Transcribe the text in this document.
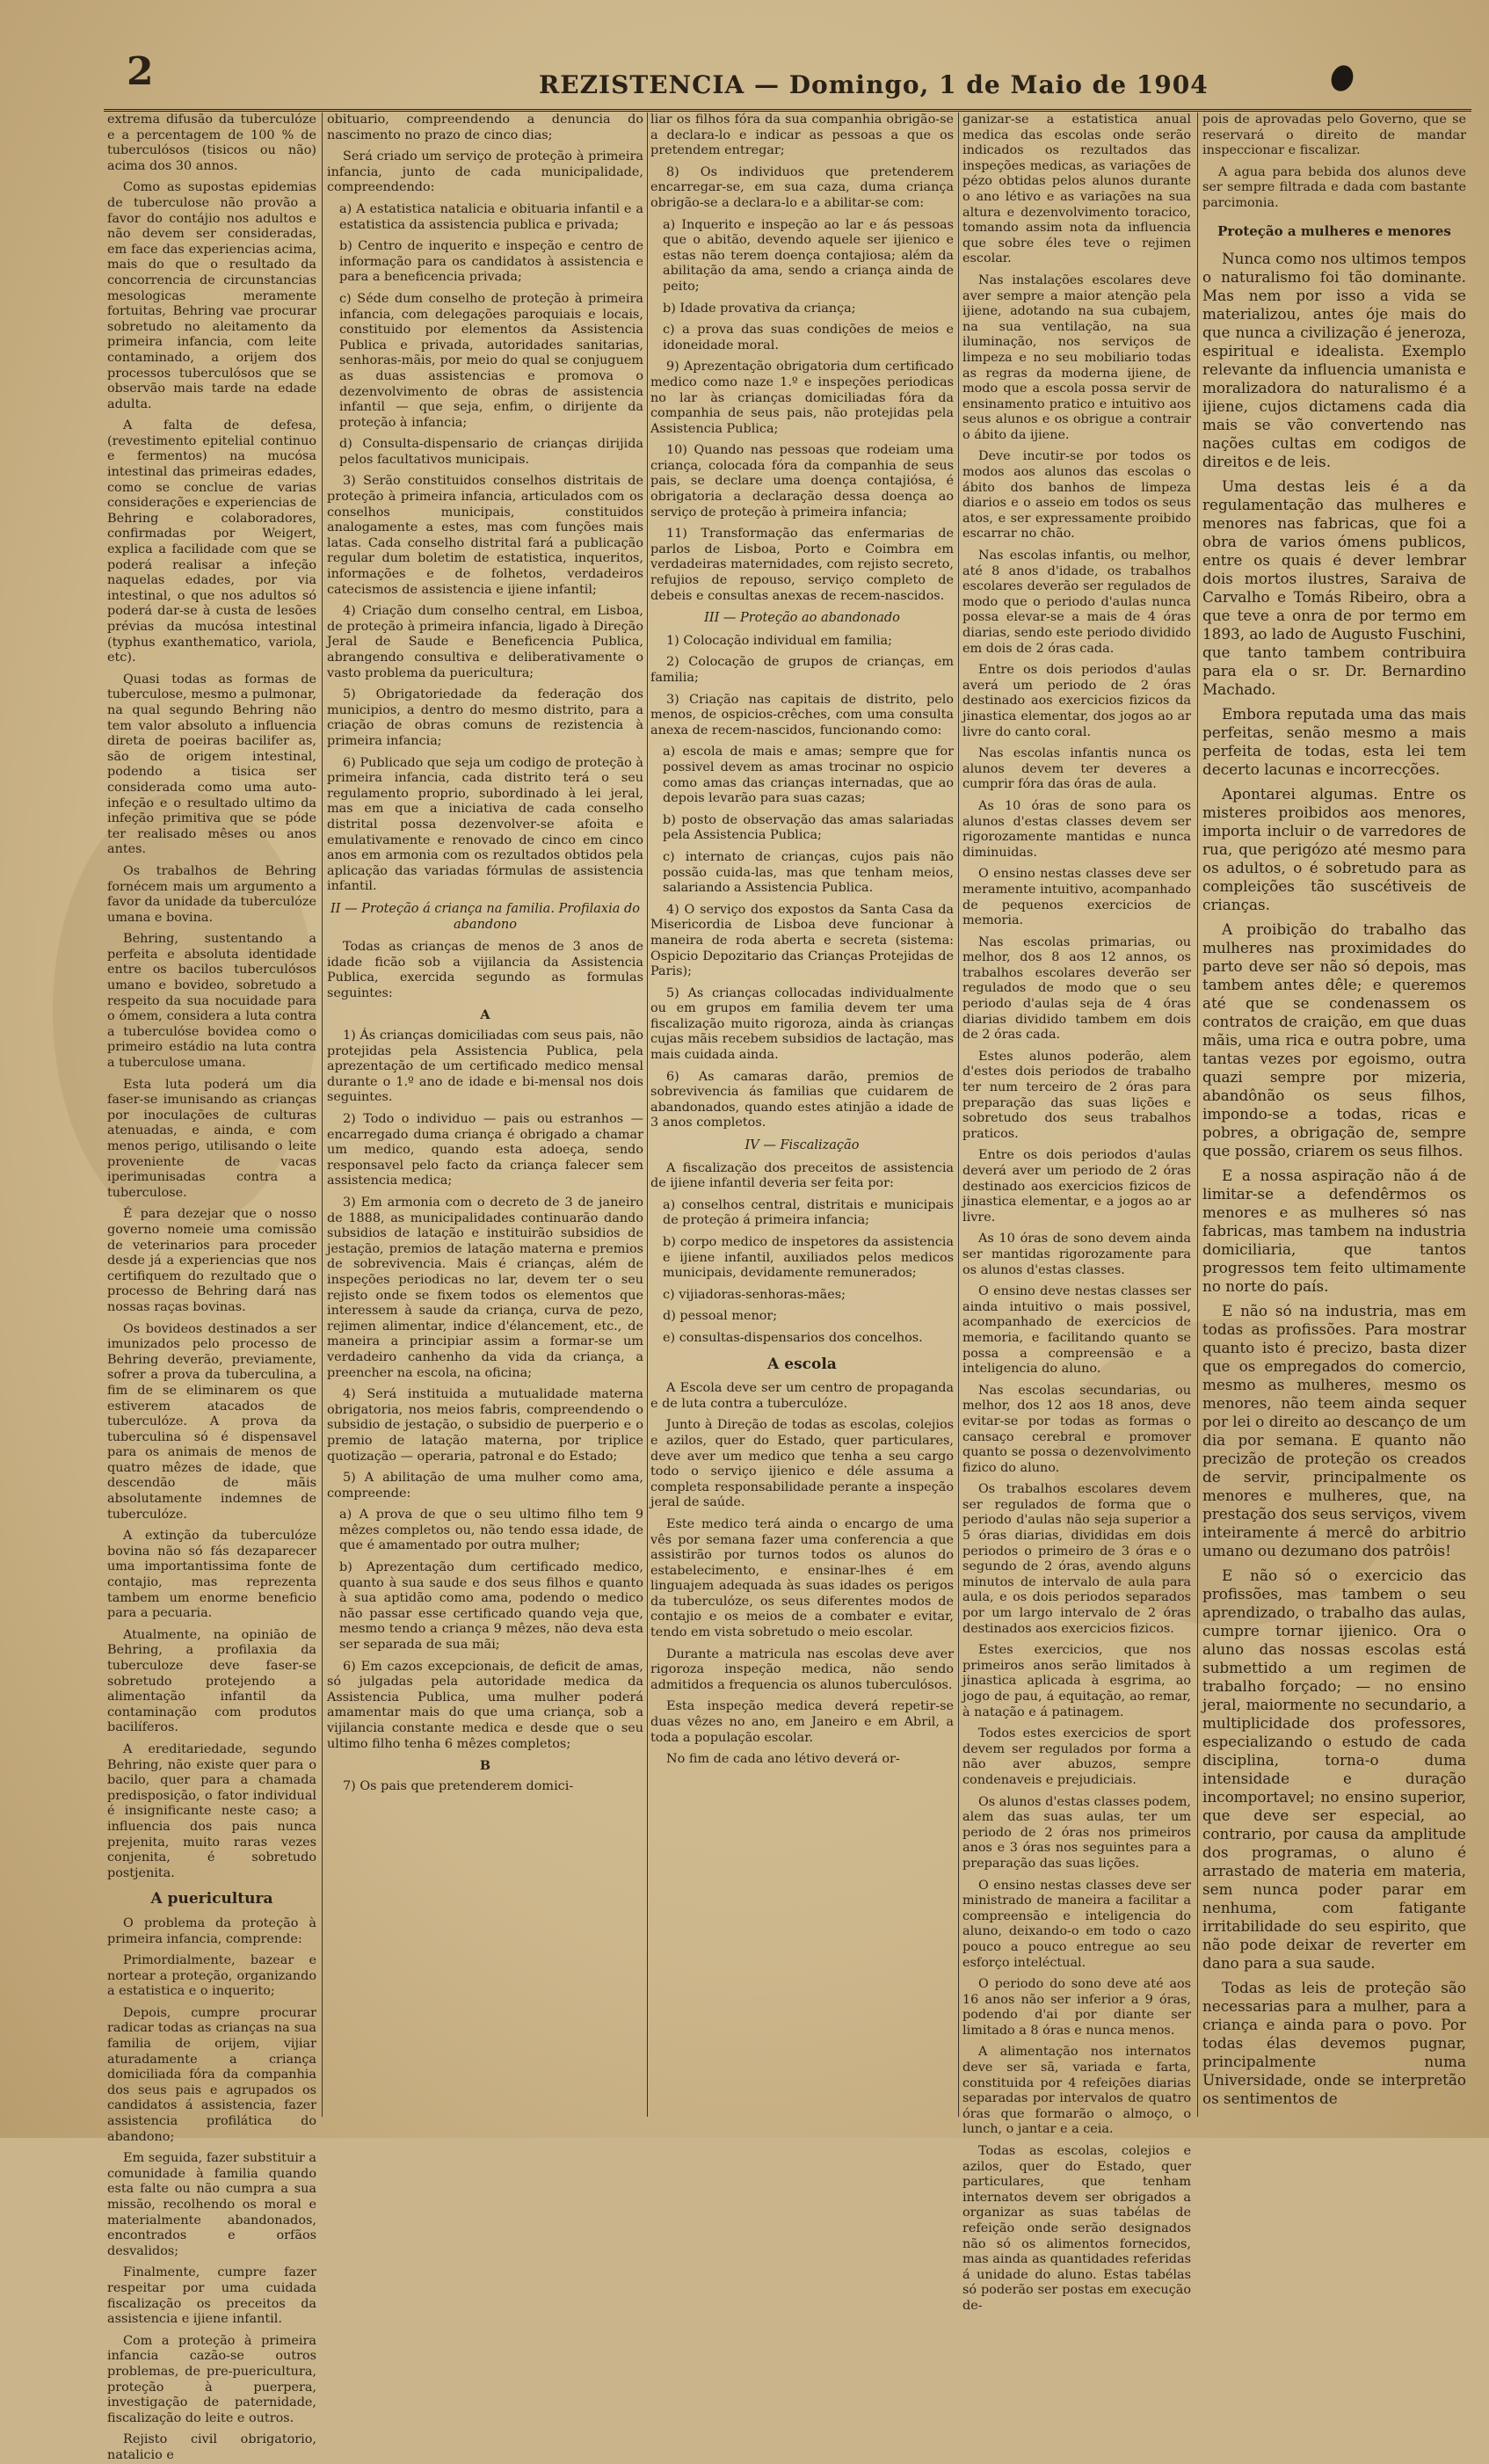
2	REZISTENCIA — Domingo, 1 de Maio de 1904

extrema difusão da tuberculóze e a percentagem de 100 % de tuberculósos (tisicos ou não) acima dos 30 annos.

Como as supostas epidemias de tuberculose não provão a favor do contájio nos adultos e não devem ser consideradas, em face das experiencias acima, mais do que o resultado da concorrencia de circunstancias mesologicas meramente fortuitas, Behring vae procurar sobretudo no aleitamento da primeira infancia, com leite contaminado, a orijem dos processos tuberculósos que se observão mais tarde na edade adulta.

A falta de defesa, (revestimento epitelial continuo e fermentos) na mucósa intestinal das primeiras edades, como se conclue de varias considerações e experiencias de Behring e colaboradores, confirmadas por Weigert, explica a facilidade com que se poderá realisar a infeção naquelas edades, por via intestinal, o que nos adultos só poderá dar-se à custa de lesões prévias da mucósa intestinal (typhus exanthematico, variola, etc).

Quasi todas as formas de tuberculose, mesmo a pulmonar, na qual segundo Behring não tem valor absoluto a influencia direta de poeiras bacilifer as, são de origem intestinal, podendo a tisica ser considerada como uma auto-infeção e o resultado ultimo da infeção primitiva que se póde ter realisado mêses ou anos antes.

Os trabalhos de Behring fornécem mais um argumento a favor da unidade da tuberculóze umana e bovina.

Behring, sustentando a perfeita e absoluta identidade entre os bacilos tuberculósos umano e bovideo, sobretudo a respeito da sua nocuidade para o ómem, considera a luta contra a tuberculóse bovidea como o primeiro estádio na luta contra a tuberculose umana.

Esta luta poderá um dia faser-se imunisando as crianças por inoculações de culturas atenuadas, e ainda, e com menos perigo, utilisando o leite proveniente de vacas iperimunisadas contra a tuberculose.

É para dezejar que o nosso governo nomeie uma comissão de veterinarios para proceder desde já a experiencias que nos certifiquem do rezultado que o processo de Behring dará nas nossas raças bovinas.

Os bovideos destinados a ser imunizados pelo processo de Behring deverão, previamente, sofrer a prova da tuberculina, a fim de se eliminarem os que estiverem atacados de tuberculóze. A prova da tuberculina só é dispensavel para os animais de menos de quatro mêzes de idade, que descendão de mãis absolutamente indemnes de tuberculóze.

A extinção da tuberculóze bovina não só fás dezaparecer uma importantissima fonte de contajio, mas reprezenta tambem um enorme beneficio para a pecuaria.

Atualmente, na opinião de Behring, a profilaxia da tuberculoze deve faser-se sobretudo protejendo a alimentação infantil da contaminação com produtos bacilíferos.

A ereditariedade, segundo Behring, não existe quer para o bacilo, quer para a chamada predisposição, o fator individual é insignificante neste caso; a influencia dos pais nunca prejenita, muito raras vezes conjenita, é sobretudo postjenita.

A puericultura

O problema da proteção à primeira infancia, comprende:

Primordialmente, bazear e nortear a proteção, organizando a estatistica e o inquerito;

Depois, cumpre procurar radicar todas as crianças na sua familia de orijem, vijiar aturadamente a criança domiciliada fóra da companhia dos seus pais e agrupados os candidatos á assistencia, fazer assistencia profilática do abandono;

Em seguida, fazer substituir a comunidade à familia quando esta falte ou não cumpra a sua missão, recolhendo os moral e materialmente abandonados, encontrados e orfãos desvalidos;

Finalmente, cumpre fazer respeitar por uma cuidada fiscalização os preceitos da assistencia e ijiene infantil.

Com a proteção à primeira infancia cazão-se outros problemas, de pre-puericultura, proteção à puerpera, investigação de paternidade, fiscalização do leite e outros.

Rejisto civil obrigatorio, natalicio e

obituario, compreendendo a denuncia do nascimento no prazo de cinco dias;

Será criado um serviço de proteção à primeira infancia, junto de cada municipalidade, compreendendo:

a) A estatistica natalicia e obituaria infantil e a estatistica da assistencia publica e privada;

b) Centro de inquerito e inspeção e centro de informação para os candidatos à assistencia e para a beneficencia privada;

c) Séde dum conselho de proteção à primeira infancia, com delegações paroquiais e locais, constituido por elementos da Assistencia Publica e privada, autoridades sanitarias, senhoras-mãis, por meio do qual se conjuguem as duas assistencias e promova o dezenvolvimento de obras de assistencia infantil — que seja, enfim, o dirijente da proteção à infancia;

d) Consulta-dispensario de crianças dirijida pelos facultativos municipais.

3) Serão constituidos conselhos distritais de proteção à primeira infancia, articulados com os conselhos municipais, constituidos analogamente a estes, mas com funções mais latas. Cada conselho distrital fará a publicação regular dum boletim de estatistica, inqueritos, informações e de folhetos, verdadeiros catecismos de assistencia e ijiene infantil;

4) Criação dum conselho central, em Lisboa, de proteção à primeira infancia, ligado à Direção Jeral de Saude e Beneficencia Publica, abrangendo consultiva e deliberativamente o vasto problema da puericultura;

5) Obrigatoriedade da federação dos municipios, a dentro do mesmo distrito, para a criação de obras comuns de rezistencia à primeira infancia;

6) Publicado que seja um codigo de proteção à primeira infancia, cada distrito terá o seu regulamento proprio, subordinado à lei jeral, mas em que a iniciativa de cada conselho distrital possa dezenvolver-se afoita e emulativamente e renovado de cinco em cinco anos em armonia com os rezultados obtidos pela aplicação das variadas fórmulas de assistencia infantil.

II — Proteção á criança na familia. Profilaxia do abandono

Todas as crianças de menos de 3 anos de idade ficão sob a vijilancia da Assistencia Publica, exercida segundo as formulas seguintes:

A

1) Ás crianças domiciliadas com seus pais, não protejidas pela Assistencia Publica, pela aprezentação de um certificado medico mensal durante o 1.º ano de idade e bi-mensal nos dois seguintes.

2) Todo o individuo — pais ou estranhos — encarregado duma criança é obrigado a chamar um medico, quando esta adoeça, sendo responsavel pelo facto da criança falecer sem assistencia medica;

3) Em armonia com o decreto de 3 de janeiro de 1888, as municipalidades continuarão dando subsidios de latação e instituirão subsidios de jestação, premios de latação materna e premios de sobrevivencia. Mais é crianças, além de inspeções periodicas no lar, devem ter o seu rejisto onde se fixem todos os elementos que interessem à saude da criança, curva de pezo, rejimen alimentar, indice d'élancement, etc., de maneira a principiar assim a formar-se um verdadeiro canhenho da vida da criança, a preencher na escola, na oficina;

4) Será instituida a mutualidade materna obrigatoria, nos meios fabris, compreendendo o subsidio de jestação, o subsidio de puerperio e o premio de latação materna, por triplice quotização — operaria, patronal e do Estado;

5) A abilitação de uma mulher como ama, compreende:

a) A prova de que o seu ultimo filho tem 9 mêzes completos ou, não tendo essa idade, de que é amamentado por outra mulher;

b) Aprezentação dum certificado medico, quanto à sua saude e dos seus filhos e quanto à sua aptidão como ama, podendo o medico não passar esse certificado quando veja que, mesmo tendo a criança 9 mêzes, não deva esta ser separada de sua mãi;

6) Em cazos excepcionais, de deficit de amas, só julgadas pela autoridade medica da Assistencia Publica, uma mulher poderá amamentar mais do que uma criança, sob a vijilancia constante medica e desde que o seu ultimo filho tenha 6 mêzes completos;

B

7) Os pais que pretenderem domici-

liar os filhos fóra da sua companhia obrigão-se a declara-lo e indicar as pessoas a que os pretendem entregar;

8) Os individuos que pretenderem encarregar-se, em sua caza, duma criança obrigão-se a declara-lo e a abilitar-se com:

a) Inquerito e inspeção ao lar e ás pessoas que o abitão, devendo aquele ser ijienico e estas não terem doença contajiosa; além da abilitação da ama, sendo a criança ainda de peito;

b) Idade provativa da criança;

c) a prova das suas condições de meios e idoneidade moral.

9) Aprezentação obrigatoria dum certificado medico como naze 1.º e inspeções periodicas no lar às crianças domiciliadas fóra da companhia de seus pais, não protejidas pela Assistencia Publica;

10) Quando nas pessoas que rodeiam uma criança, colocada fóra da companhia de seus pais, se declare uma doença contajiósa, é obrigatoria a declaração dessa doença ao serviço de proteção à primeira infancia;

11) Transformação das enfermarias de parlos de Lisboa, Porto e Coimbra em verdadeiras maternidades, com rejisto secreto, refujios de repouso, serviço completo de debeis e consultas anexas de recem-nascidos.

III — Proteção ao abandonado

1) Colocação individual em familia;

2) Colocação de grupos de crianças, em familia;

3) Criação nas capitais de distrito, pelo menos, de ospicios-crêches, com uma consulta anexa de recem-nascidos, funcionando como:

a) escola de mais e amas; sempre que for possivel devem as amas trocinar no ospicio como amas das crianças internadas, que ao depois levarão para suas cazas;

b) posto de observação das amas salariadas pela Assistencia Publica;

c) internato de crianças, cujos pais não possão cuida-las, mas que tenham meios, salariando a Assistencia Publica.

4) O serviço dos expostos da Santa Casa da Misericordia de Lisboa deve funcionar à maneira de roda aberta e secreta (sistema: Ospicio Depozitario das Crianças Protejidas de Paris);

5) As crianças collocadas individualmente ou em grupos em familia devem ter uma fiscalização muito rigoroza, ainda às crianças cujas mãis recebem subsidios de lactação, mas mais cuidada ainda.

6) As camaras darão, premios de sobrevivencia ás familias que cuidarem de abandonados, quando estes atinjão a idade de 3 anos completos.

IV — Fiscalização

A fiscalização dos preceitos de assistencia de ijiene infantil deveria ser feita por:

a) conselhos central, distritais e municipais de proteção á primeira infancia;

b) corpo medico de inspetores da assistencia e ijiene infantil, auxiliados pelos medicos municipais, devidamente remunerados;

c) vijiadoras-senhoras-mães;

d) pessoal menor;

e) consultas-dispensarios dos concelhos.

A escola

A Escola deve ser um centro de propaganda e de luta contra a tuberculóze.

Junto à Direção de todas as escolas, colejios e azilos, quer do Estado, quer particulares, deve aver um medico que tenha a seu cargo todo o serviço ijienico e déle assuma a completa responsabilidade perante a inspeção jeral de saúde.

Este medico terá ainda o encargo de uma vês por semana fazer uma conferencia a que assistirão por turnos todos os alunos do estabelecimento, e ensinar-lhes é em linguajem adequada às suas idades os perigos da tuberculóze, os seus diferentes modos de contajio e os meios de a combater e evitar, tendo em vista sobretudo o meio escolar.

Durante a matricula nas escolas deve aver rigoroza inspeção medica, não sendo admitidos a frequencia os alunos tuberculósos.

Esta inspeção medica deverá repetir-se duas vêzes no ano, em Janeiro e em Abril, a toda a população escolar.

No fim de cada ano létivo deverá or-

ganizar-se a estatistica anual medica das escolas onde serão indicados os rezultados das inspeções medicas, as variações de pézo obtidas pelos alunos durante o ano létivo e as variações na sua altura e dezenvolvimento toracico, tomando assim nota da influencia que sobre éles teve o rejimen escolar.

Nas instalações escolares deve aver sempre a maior atenção pela ijiene, adotando na sua cubajem, na sua ventilação, na sua iluminação, nos serviços de limpeza e no seu mobiliario todas as regras da moderna ijiene, de modo que a escola possa servir de ensinamento pratico e intuitivo aos seus alunos e os obrigue a contrair o ábito da ijiene.

Deve incutir-se por todos os modos aos alunos das escolas o ábito dos banhos de limpeza diarios e o asseio em todos os seus atos, e ser expressamente proibido escarrar no chão.

Nas escolas infantis, ou melhor, até 8 anos d'idade, os trabalhos escolares deverão ser regulados de modo que o periodo d'aulas nunca possa elevar-se a mais de 4 óras diarias, sendo este periodo dividido em dois de 2 óras cada.

Entre os dois periodos d'aulas averá um periodo de 2 óras destinado aos exercicios fizicos da jinastica elementar, dos jogos ao ar livre do canto coral.

Nas escolas infantis nunca os alunos devem ter deveres a cumprir fóra das óras de aula.

As 10 óras de sono para os alunos d'estas classes devem ser rigorozamente mantidas e nunca diminuidas.

O ensino nestas classes deve ser meramente intuitivo, acompanhado de pequenos exercicios de memoria.

Nas escolas primarias, ou melhor, dos 8 aos 12 annos, os trabalhos escolares deverão ser regulados de modo que o seu periodo d'aulas seja de 4 óras diarias dividido tambem em dois de 2 óras cada.

Estes alunos poderão, alem d'estes dois periodos de trabalho ter num terceiro de 2 óras para preparação das suas lições e sobretudo dos seus trabalhos praticos.

Entre os dois periodos d'aulas deverá aver um periodo de 2 óras destinado aos exercicios fizicos de jinastica elementar, e a jogos ao ar livre.

As 10 óras de sono devem ainda ser mantidas rigorozamente para os alunos d'estas classes.

O ensino deve nestas classes ser ainda intuitivo o mais possivel, acompanhado de exercicios de memoria, e facilitando quanto se possa a compreensão e a inteligencia do aluno.

Nas escolas secundarias, ou melhor, dos 12 aos 18 anos, deve evitar-se por todas as formas o cansaço cerebral e promover quanto se possa o dezenvolvimento fizico do aluno.

Os trabalhos escolares devem ser regulados de forma que o periodo d'aulas não seja superior a 5 óras diarias, divididas em dois periodos o primeiro de 3 óras e o segundo de 2 óras, avendo alguns minutos de intervalo de aula para aula, e os dois periodos separados por um largo intervalo de 2 óras destinados aos exercicios fizicos.

Estes exercicios, que nos primeiros anos serão limitados à jinastica aplicada à esgrima, ao jogo de pau, á equitação, ao remar, à natação e á patinagem.

Todos estes exercicios de sport devem ser regulados por forma a não aver abuzos, sempre condenaveis e prejudiciais.

Os alunos d'estas classes podem, alem das suas aulas, ter um periodo de 2 óras nos primeiros anos e 3 óras nos seguintes para a preparação das suas lições.

O ensino nestas classes deve ser ministrado de maneira a facilitar a compreensão e inteligencia do aluno, deixando-o em todo o cazo pouco a pouco entregue ao seu esforço inteléctual.

O periodo do sono deve até aos 16 anos não ser inferior a 9 óras, podendo d'ai por diante ser limitado a 8 óras e nunca menos.

A alimentação nos internatos deve ser sã, variada e farta, constituida por 4 refeições diarias separadas por intervalos de quatro óras que formarão o almoço, o lunch, o jantar e a ceia.

Todas as escolas, colejios e azilos, quer do Estado, quer particulares, que tenham internatos devem ser obrigados a organizar as suas tabélas de refeição onde serão designados não só os alimentos fornecidos, mas ainda as quantidades referidas á unidade do aluno. Estas tabélas só poderão ser postas em execução de-

pois de aprovadas pelo Governo, que se reservará o direito de mandar inspeccionar e fiscalizar.

A agua para bebida dos alunos deve ser sempre filtrada e dada com bastante parcimonia.

Proteção a mulheres e menores

Nunca como nos ultimos tempos o naturalismo foi tão dominante. Mas nem por isso a vida se materializou, antes óje mais do que nunca a civilização é jeneroza, espiritual e idealista. Exemplo relevante da influencia umanista e moralizadora do naturalismo é a ijiene, cujos dictamens cada dia mais se vão convertendo nas nações cultas em codigos de direitos e de leis.

Uma destas leis é a da regulamentação das mulheres e menores nas fabricas, que foi a obra de varios ómens publicos, entre os quais é dever lembrar dois mortos ilustres, Saraiva de Carvalho e Tomás Ribeiro, obra a que teve a onra de por termo em 1893, ao lado de Augusto Fuschini, que tanto tambem contribuira para ela o sr. Dr. Bernardino Machado.

Embora reputada uma das mais perfeitas, senão mesmo a mais perfeita de todas, esta lei tem decerto lacunas e incorrecções.

Apontarei algumas. Entre os misteres proibidos aos menores, importa incluir o de varredores de rua, que perigózo até mesmo para os adultos, o é sobretudo para as compleições tão suscétiveis de crianças.

A proibição do trabalho das mulheres nas proximidades do parto deve ser não só depois, mas tambem antes dêle; e queremos até que se condenassem os contratos de craição, em que duas mãis, uma rica e outra pobre, uma tantas vezes por egoismo, outra quazi sempre por mizeria, abandônão os seus filhos, impondo-se a todas, ricas e pobres, a obrigação de, sempre que possão, criarem os seus filhos.

E a nossa aspiração não á de limitar-se a defendêrmos os menores e as mulheres só nas fabricas, mas tambem na industria domiciliaria, que tantos progressos tem feito ultimamente no norte do país.

E não só na industria, mas em todas as profissões. Para mostrar quanto isto é precizo, basta dizer que os empregados do comercio, mesmo as mulheres, mesmo os menores, não teem ainda sequer por lei o direito ao descanço de um dia por semana. E quanto não precizão de proteção os creados de servir, principalmente os menores e mulheres, que, na prestação dos seus serviços, vivem inteiramente á mercê do arbitrio umano ou dezumano dos patrôis!

E não só o exercicio das profissões, mas tambem o seu aprendizado, o trabalho das aulas, cumpre tornar ijienico. Ora o aluno das nossas escolas está submettido a um regimen de trabalho forçado; — no ensino jeral, maiormente no secundario, a multiplicidade dos professores, especializando o estudo de cada disciplina, torna-o duma intensidade e duração incomportavel; no ensino superior, que deve ser especial, ao contrario, por causa da amplitude dos programas, o aluno é arrastado de materia em materia, sem nunca poder parar em nenhuma, com fatigante irritabilidade do seu espirito, que não pode deixar de reverter em dano para a sua saude.

Todas as leis de proteção são necessarias para a mulher, para a criança e ainda para o povo. Por todas élas devemos pugnar, principalmente numa Universidade, onde se interpretão os sentimentos de
